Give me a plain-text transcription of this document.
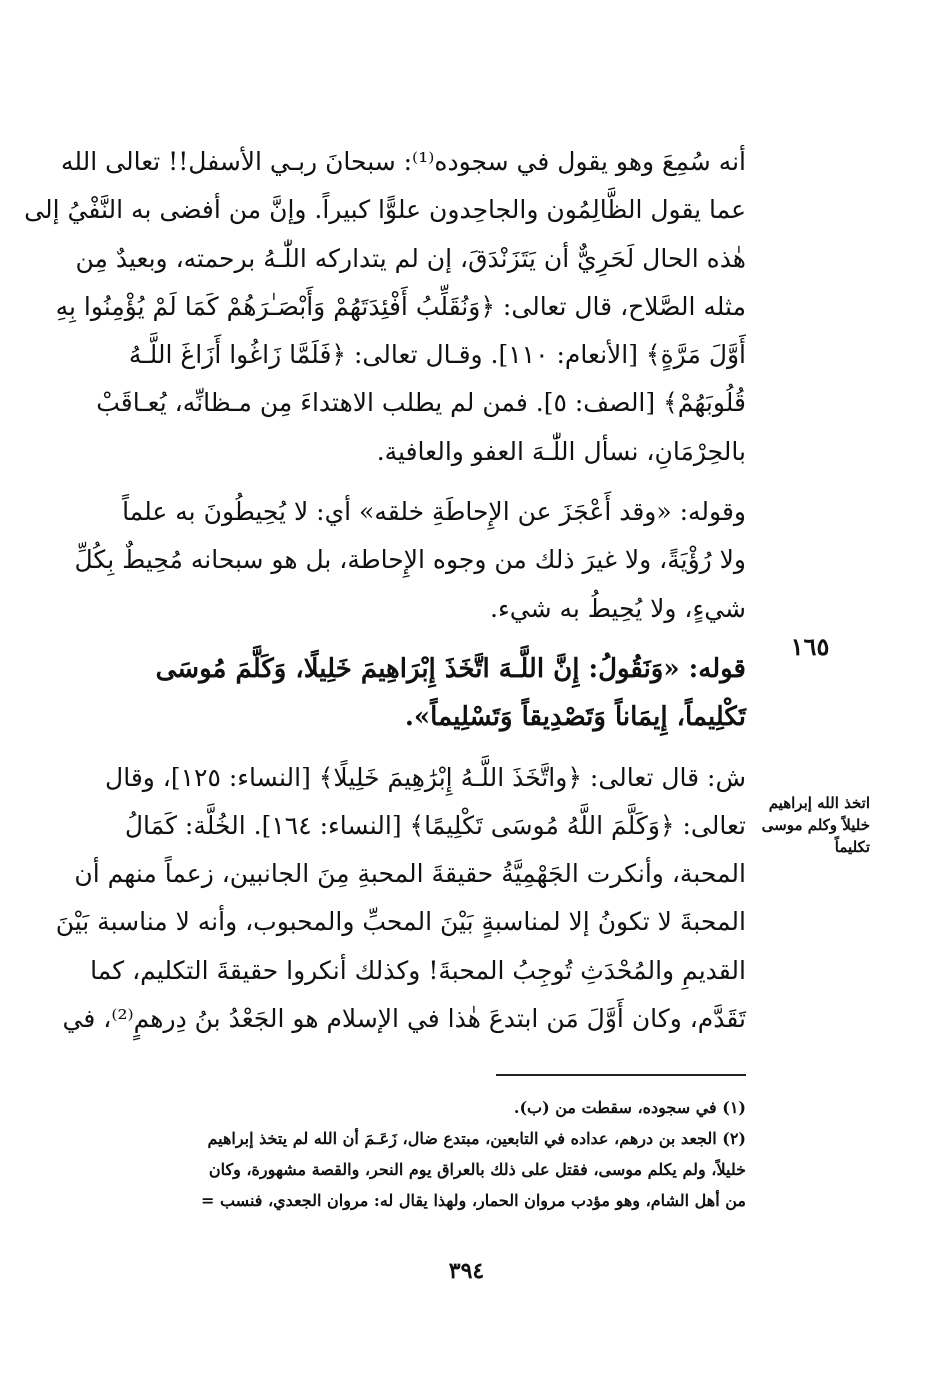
أنه سُمِعَ وهو يقول في سجوده⁽¹⁾: سبحانَ ربـي الأسفل!! تعالى الله
عما يقول الظَّالِمُون والجاحِدون علوًّا كبيراً. وإنَّ من أفضى به النَّفْيُ إلى
هٰذه الحال لَحَرِيٌّ أن يَتَزَنْدَقَ، إن لم يتداركه اللّٰـهُ برحمته، وبعيدٌ مِن
مثله الصَّلاح، قال تعالى: ﴿وَنُقَلِّبُ أَفْئِدَتَهُمْ وَأَبْصَـٰرَهُمْ كَمَا لَمْ يُؤْمِنُوا بِهِ
أَوَّلَ مَرَّةٍ﴾ [الأنعام: ١١٠]. وقـال تعالى: ﴿فَلَمَّا زَاغُوا أَزَاغَ اللَّـهُ
قُلُوبَهُمْ﴾ [الصف: ٥]. فمن لم يطلب الاهتداءَ مِن مـظانِّه، يُعـاقَبْ
بالحِرْمَانِ، نسأل اللّٰـهَ العفو والعافية.

وقوله: «وقد أَعْجَزَ عن الإِحاطَةِ خلقه» أي: لا يُحِيطُونَ به علماً
ولا رُؤْيَةً، ولا غيرَ ذلك من وجوه الإِحاطة، بل هو سبحانه مُحِيطٌ بِكُلِّ
شيءٍ، ولا يُحِيطُ به شيء.

قوله: «وَنَقُولُ: إِنَّ اللَّـهَ اتَّخَذَ إِبْرَاهِيمَ خَلِيلًا، وَكَلَّمَ مُوسَى
تَكْلِيماً، إِيمَاناً وَتَصْدِيقاً وَتَسْلِيماً».

ش: قال تعالى: ﴿واتَّخَذَ اللَّـهُ إِبْرَٰهِيمَ خَلِيلًا﴾ [النساء: ١٢٥]، وقال
تعالى: ﴿وَكَلَّمَ اللَّهُ مُوسَى تَكْلِيمًا﴾ [النساء: ١٦٤]. الخُلَّة: كَمَالُ
المحبة، وأنكرت الجَهْمِيَّةُ حقيقةَ المحبةِ مِنَ الجانبين، زعماً منهم أن
المحبةَ لا تكونُ إلا لمناسبةٍ بَيْنَ المحبِّ والمحبوب، وأنه لا مناسبة بَيْنَ
القديمِ والمُحْدَثِ تُوجِبُ المحبةَ! وكذلك أنكروا حقيقةَ التكليم، كما
تَقَدَّم، وكان أَوَّلَ مَن ابتدعَ هٰذا في الإسلام هو الجَعْدُ بنُ دِرهمٍ⁽²⁾، في

١٦٥
اتخذ الله إبراهيم
خليلاً وكلم موسى
تكليماً
(١) في سجوده، سقطت من (ب).
(٢) الجعد بن درهم، عداده في التابعين، مبتدع ضال، زَعَـمَ أن الله لم يتخذ إبراهيم
خليلاً، ولم يكلم موسى، فقتل على ذلك بالعراق يوم النحر، والقصة مشهورة، وكان
من أهل الشام، وهو مؤدب مروان الحمار، ولهذا يقال له: مروان الجعدي، فنسب =
٣٩٤
